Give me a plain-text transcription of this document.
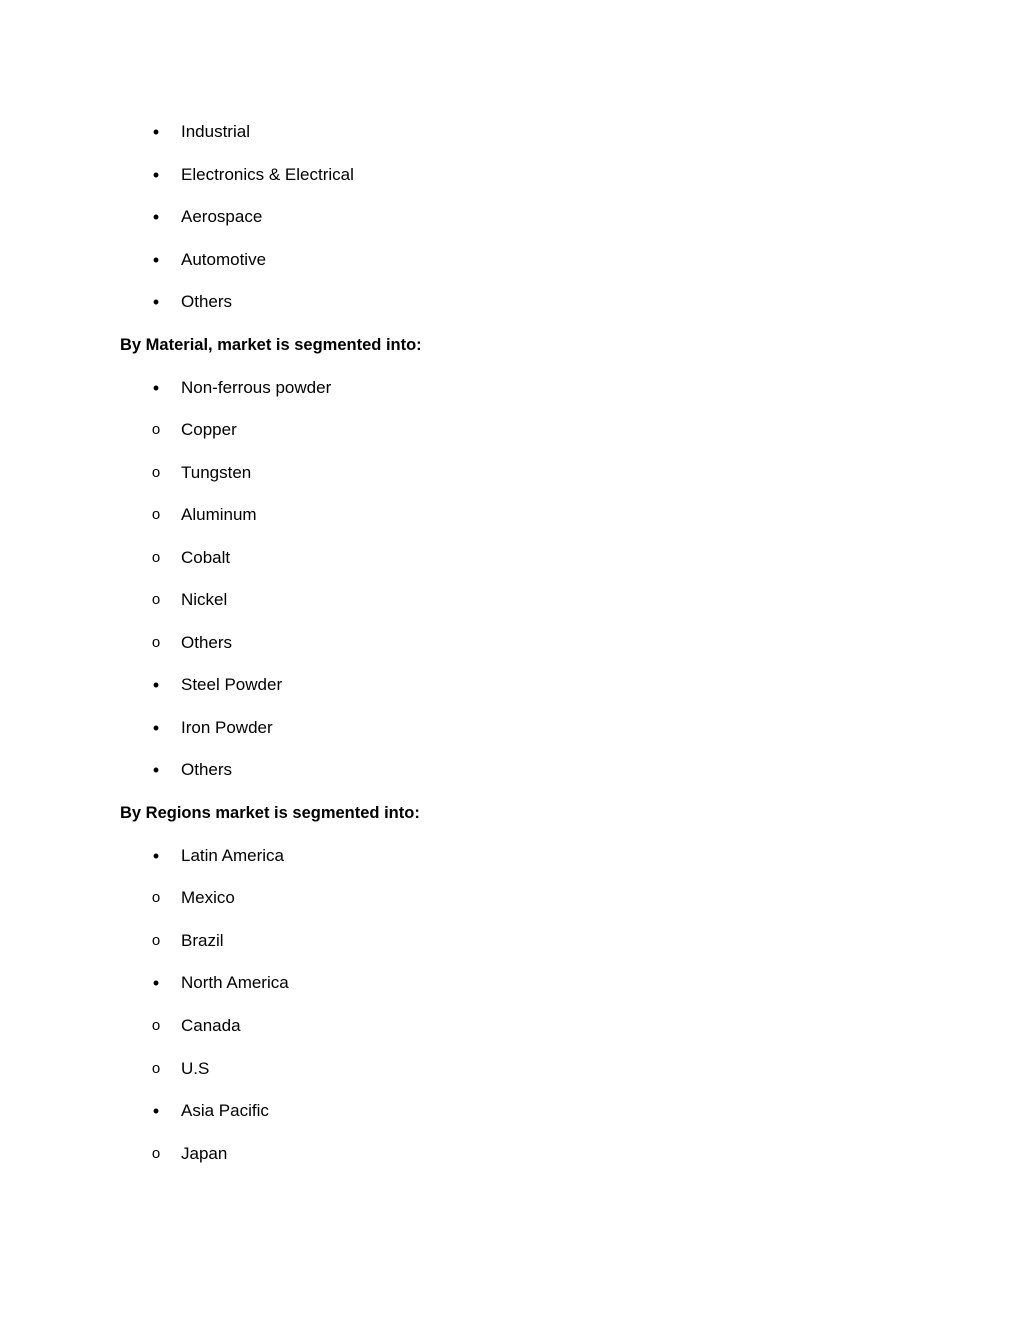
•	Industrial
•	Electronics & Electrical
•	Aerospace
•	Automotive
•	Others
By Material, market is segmented into:
•	Non-ferrous powder
o	Copper
o	Tungsten
o	Aluminum
o	Cobalt
o	Nickel
o	Others
•	Steel Powder
•	Iron Powder
•	Others
By Regions market is segmented into:
•	Latin America
o	Mexico
o	Brazil
•	North America
o	Canada
o	U.S
•	Asia Pacific
o	Japan
